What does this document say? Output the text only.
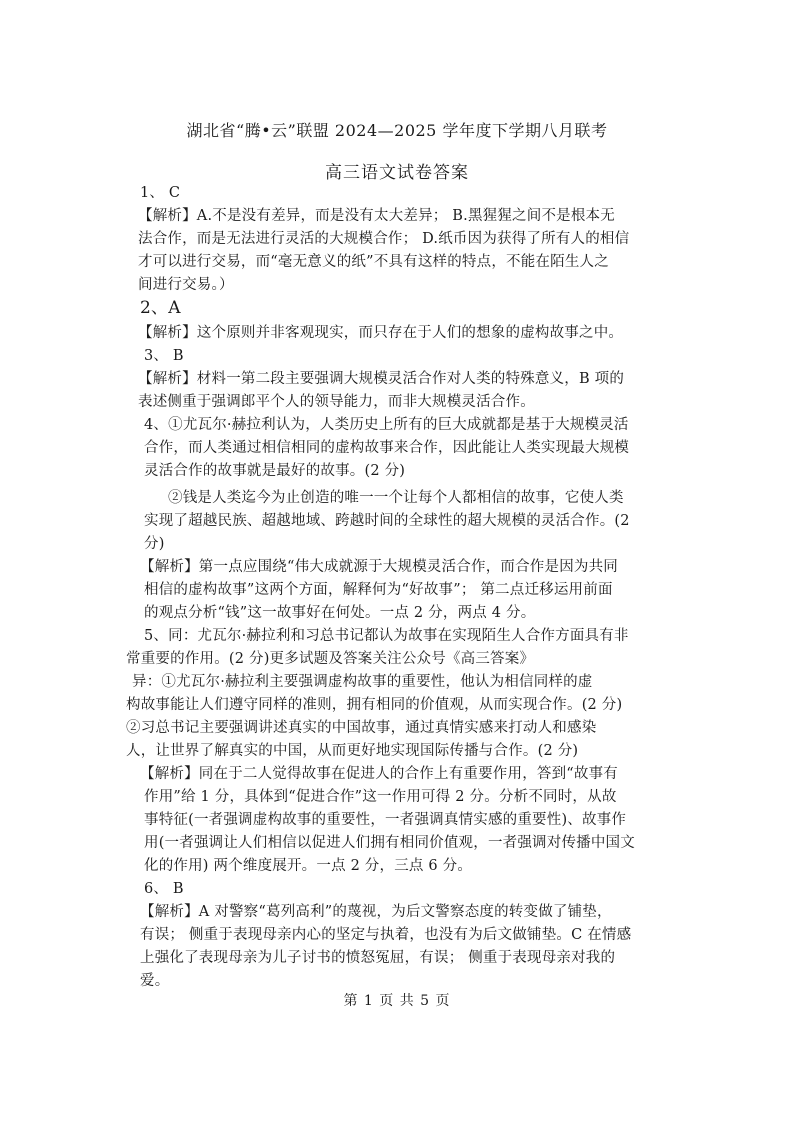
湖北省“腾•云”联盟 2024—2025 学年度下学期八月联考
高三语文试卷答案
1、 C
【解析】A.不是没有差异，而是没有太大差异； B.黑猩猩之间不是根本无
法合作，而是无法进行灵活的大规模合作； D.纸币因为获得了所有人的相信
才可以进行交易，而“毫无意义的纸”不具有这样的特点，不能在陌生人之
间进行交易。）
2、A
【解析】这个原则并非客观现实，而只存在于人们的想象的虚构故事之中。
3、 B
【解析】材料一第二段主要强调大规模灵活合作对人类的特殊意义，B 项的
表述侧重于强调郎平个人的领导能力，而非大规模灵活合作。
4、①尤瓦尔·赫拉利认为，人类历史上所有的巨大成就都是基于大规模灵活
合作，而人类通过相信相同的虚构故事来合作，因此能让人类实现最大规模
灵活合作的故事就是最好的故事。(2 分)
②钱是人类迄今为止创造的唯一一个让每个人都相信的故事，它使人类
实现了超越民族、超越地域、跨越时间的全球性的超大规模的灵活合作。(2
分)
【解析】第一点应围绕“伟大成就源于大规模灵活合作，而合作是因为共同
相信的虚构故事”这两个方面，解释何为“好故事”； 第二点迁移运用前面
的观点分析“钱”这一故事好在何处。一点 2 分，两点 4 分。
5、同：尤瓦尔·赫拉利和习总书记都认为故事在实现陌生人合作方面具有非
常重要的作用。(2 分)更多试题及答案关注公众号《高三答案》
异：①尤瓦尔·赫拉利主要强调虚构故事的重要性，他认为相信同样的虚
构故事能让人们遵守同样的准则，拥有相同的价值观，从而实现合作。(2 分)
②习总书记主要强调讲述真实的中国故事，通过真情实感来打动人和感染
人，让世界了解真实的中国，从而更好地实现国际传播与合作。(2 分)
【解析】同在于二人觉得故事在促进人的合作上有重要作用，答到“故事有
作用”给 1 分，具体到“促进合作”这一作用可得 2 分。分析不同时，从故
事特征(一者强调虚构故事的重要性，一者强调真情实感的重要性)、故事作
用(一者强调让人们相信以促进人们拥有相同价值观，一者强调对传播中国文
化的作用) 两个维度展开。一点 2 分，三点 6 分。
6、 B
【解析】A 对警察“葛列高利”的蔑视，为后文警察态度的转变做了铺垫，
有误； 侧重于表现母亲内心的坚定与执着，也没有为后文做铺垫。C 在情感
上强化了表现母亲为儿子讨书的愤怒冤屈，有误； 侧重于表现母亲对我的
爱。
第 1 页 共 5 页
